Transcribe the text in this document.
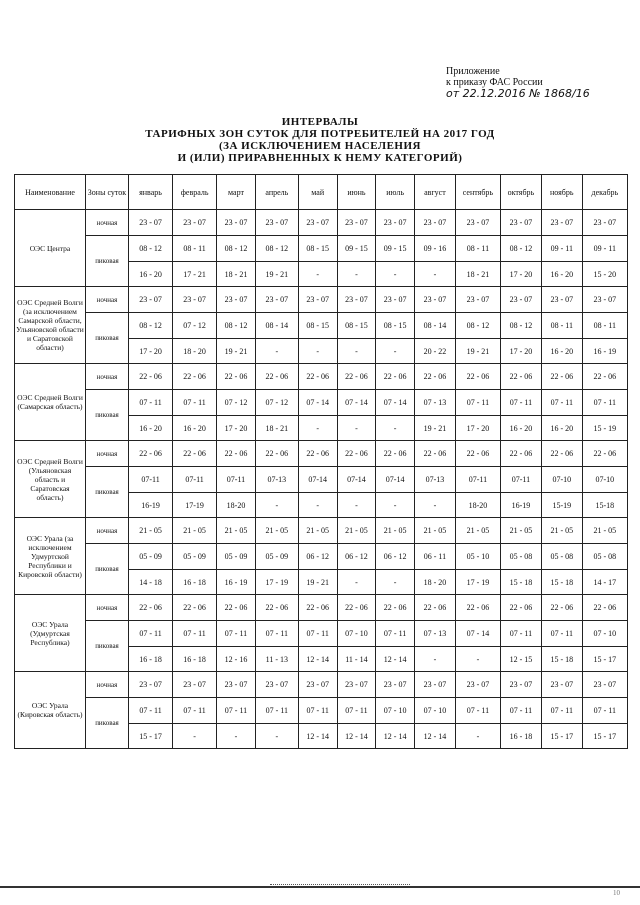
Приложение
к приказу ФАС России
от 22.12.2016 № 1868/16
ИНТЕРВАЛЫ
ТАРИФНЫХ ЗОН СУТОК ДЛЯ ПОТРЕБИТЕЛЕЙ НА 2017 ГОД
(ЗА ИСКЛЮЧЕНИЕМ НАСЕЛЕНИЯ
И (ИЛИ) ПРИРАВНЕННЫХ К НЕМУ КАТЕГОРИЙ)
Наименование	Зоны суток	январь	февраль	март	апрель	май	июнь	июль	август	сентябрь	октябрь	ноябрь	декабрь
ОЭС Центра	ночная	23 - 07	23 - 07	23 - 07	23 - 07	23 - 07	23 - 07	23 - 07	23 - 07	23 - 07	23 - 07	23 - 07	23 - 07
	пиковая	08 - 12	08 - 11	08 - 12	08 - 12	08 - 15	09 - 15	09 - 15	09 - 16	08 - 11	08 - 12	09 - 11	09 - 11
		16 - 20	17 - 21	18 - 21	19 - 21	-	-	-	-	18 - 21	17 - 20	16 - 20	15 - 20
ОЭС Средней Волги (за исключением Самарской области, Ульяновской области и Саратовской области)	ночная	23 - 07	23 - 07	23 - 07	23 - 07	23 - 07	23 - 07	23 - 07	23 - 07	23 - 07	23 - 07	23 - 07	23 - 07
	пиковая	08 - 12	07 - 12	08 - 12	08 - 14	08 - 15	08 - 15	08 - 15	08 - 14	08 - 12	08 - 12	08 - 11	08 - 11
		17 - 20	18 - 20	19 - 21	-	-	-	-	20 - 22	19 - 21	17 - 20	16 - 20	16 - 19
ОЭС Средней Волги (Самарская область)	ночная	22 - 06	22 - 06	22 - 06	22 - 06	22 - 06	22 - 06	22 - 06	22 - 06	22 - 06	22 - 06	22 - 06	22 - 06
	пиковая	07 - 11	07 - 11	07 - 12	07 - 12	07 - 14	07 - 14	07 - 14	07 - 13	07 - 11	07 - 11	07 - 11	07 - 11
		16 - 20	16 - 20	17 - 20	18 - 21	-	-	-	19 - 21	17 - 20	16 - 20	16 - 20	15 - 19
ОЭС Средней Волги (Ульяновская область и Саратовская область)	ночная	22 - 06	22 - 06	22 - 06	22 - 06	22 - 06	22 - 06	22 - 06	22 - 06	22 - 06	22 - 06	22 - 06	22 - 06
	пиковая	07-11	07-11	07-11	07-13	07-14	07-14	07-14	07-13	07-11	07-11	07-10	07-10
		16-19	17-19	18-20	-	-	-	-	-	18-20	16-19	15-19	15-18
ОЭС Урала (за исключением Удмуртской Республики и Кировской области)	ночная	21 - 05	21 - 05	21 - 05	21 - 05	21 - 05	21 - 05	21 - 05	21 - 05	21 - 05	21 - 05	21 - 05	21 - 05
	пиковая	05 - 09	05 - 09	05 - 09	05 - 09	06 - 12	06 - 12	06 - 12	06 - 11	05 - 10	05 - 08	05 - 08	05 - 08
		14 - 18	16 - 18	16 - 19	17 - 19	19 - 21	-	-	18 - 20	17 - 19	15 - 18	15 - 18	14 - 17
ОЭС Урала (Удмуртская Республика)	ночная	22 - 06	22 - 06	22 - 06	22 - 06	22 - 06	22 - 06	22 - 06	22 - 06	22 - 06	22 - 06	22 - 06	22 - 06
	пиковая	07 - 11	07 - 11	07 - 11	07 - 11	07 - 11	07 - 10	07 - 11	07 - 13	07 - 14	07 - 11	07 - 11	07 - 10
		16 - 18	16 - 18	12 - 16	11 - 13	12 - 14	11 - 14	12 - 14	-	-	12 - 15	15 - 18	15 - 17
ОЭС Урала (Кировская область)	ночная	23 - 07	23 - 07	23 - 07	23 - 07	23 - 07	23 - 07	23 - 07	23 - 07	23 - 07	23 - 07	23 - 07	23 - 07
	пиковая	07 - 11	07 - 11	07 - 11	07 - 11	07 - 11	07 - 11	07 - 10	07 - 10	07 - 11	07 - 11	07 - 11	07 - 11
		15 - 17	-	-	-	12 - 14	12 - 14	12 - 14	12 - 14	-	16 - 18	15 - 17	15 - 17
10
